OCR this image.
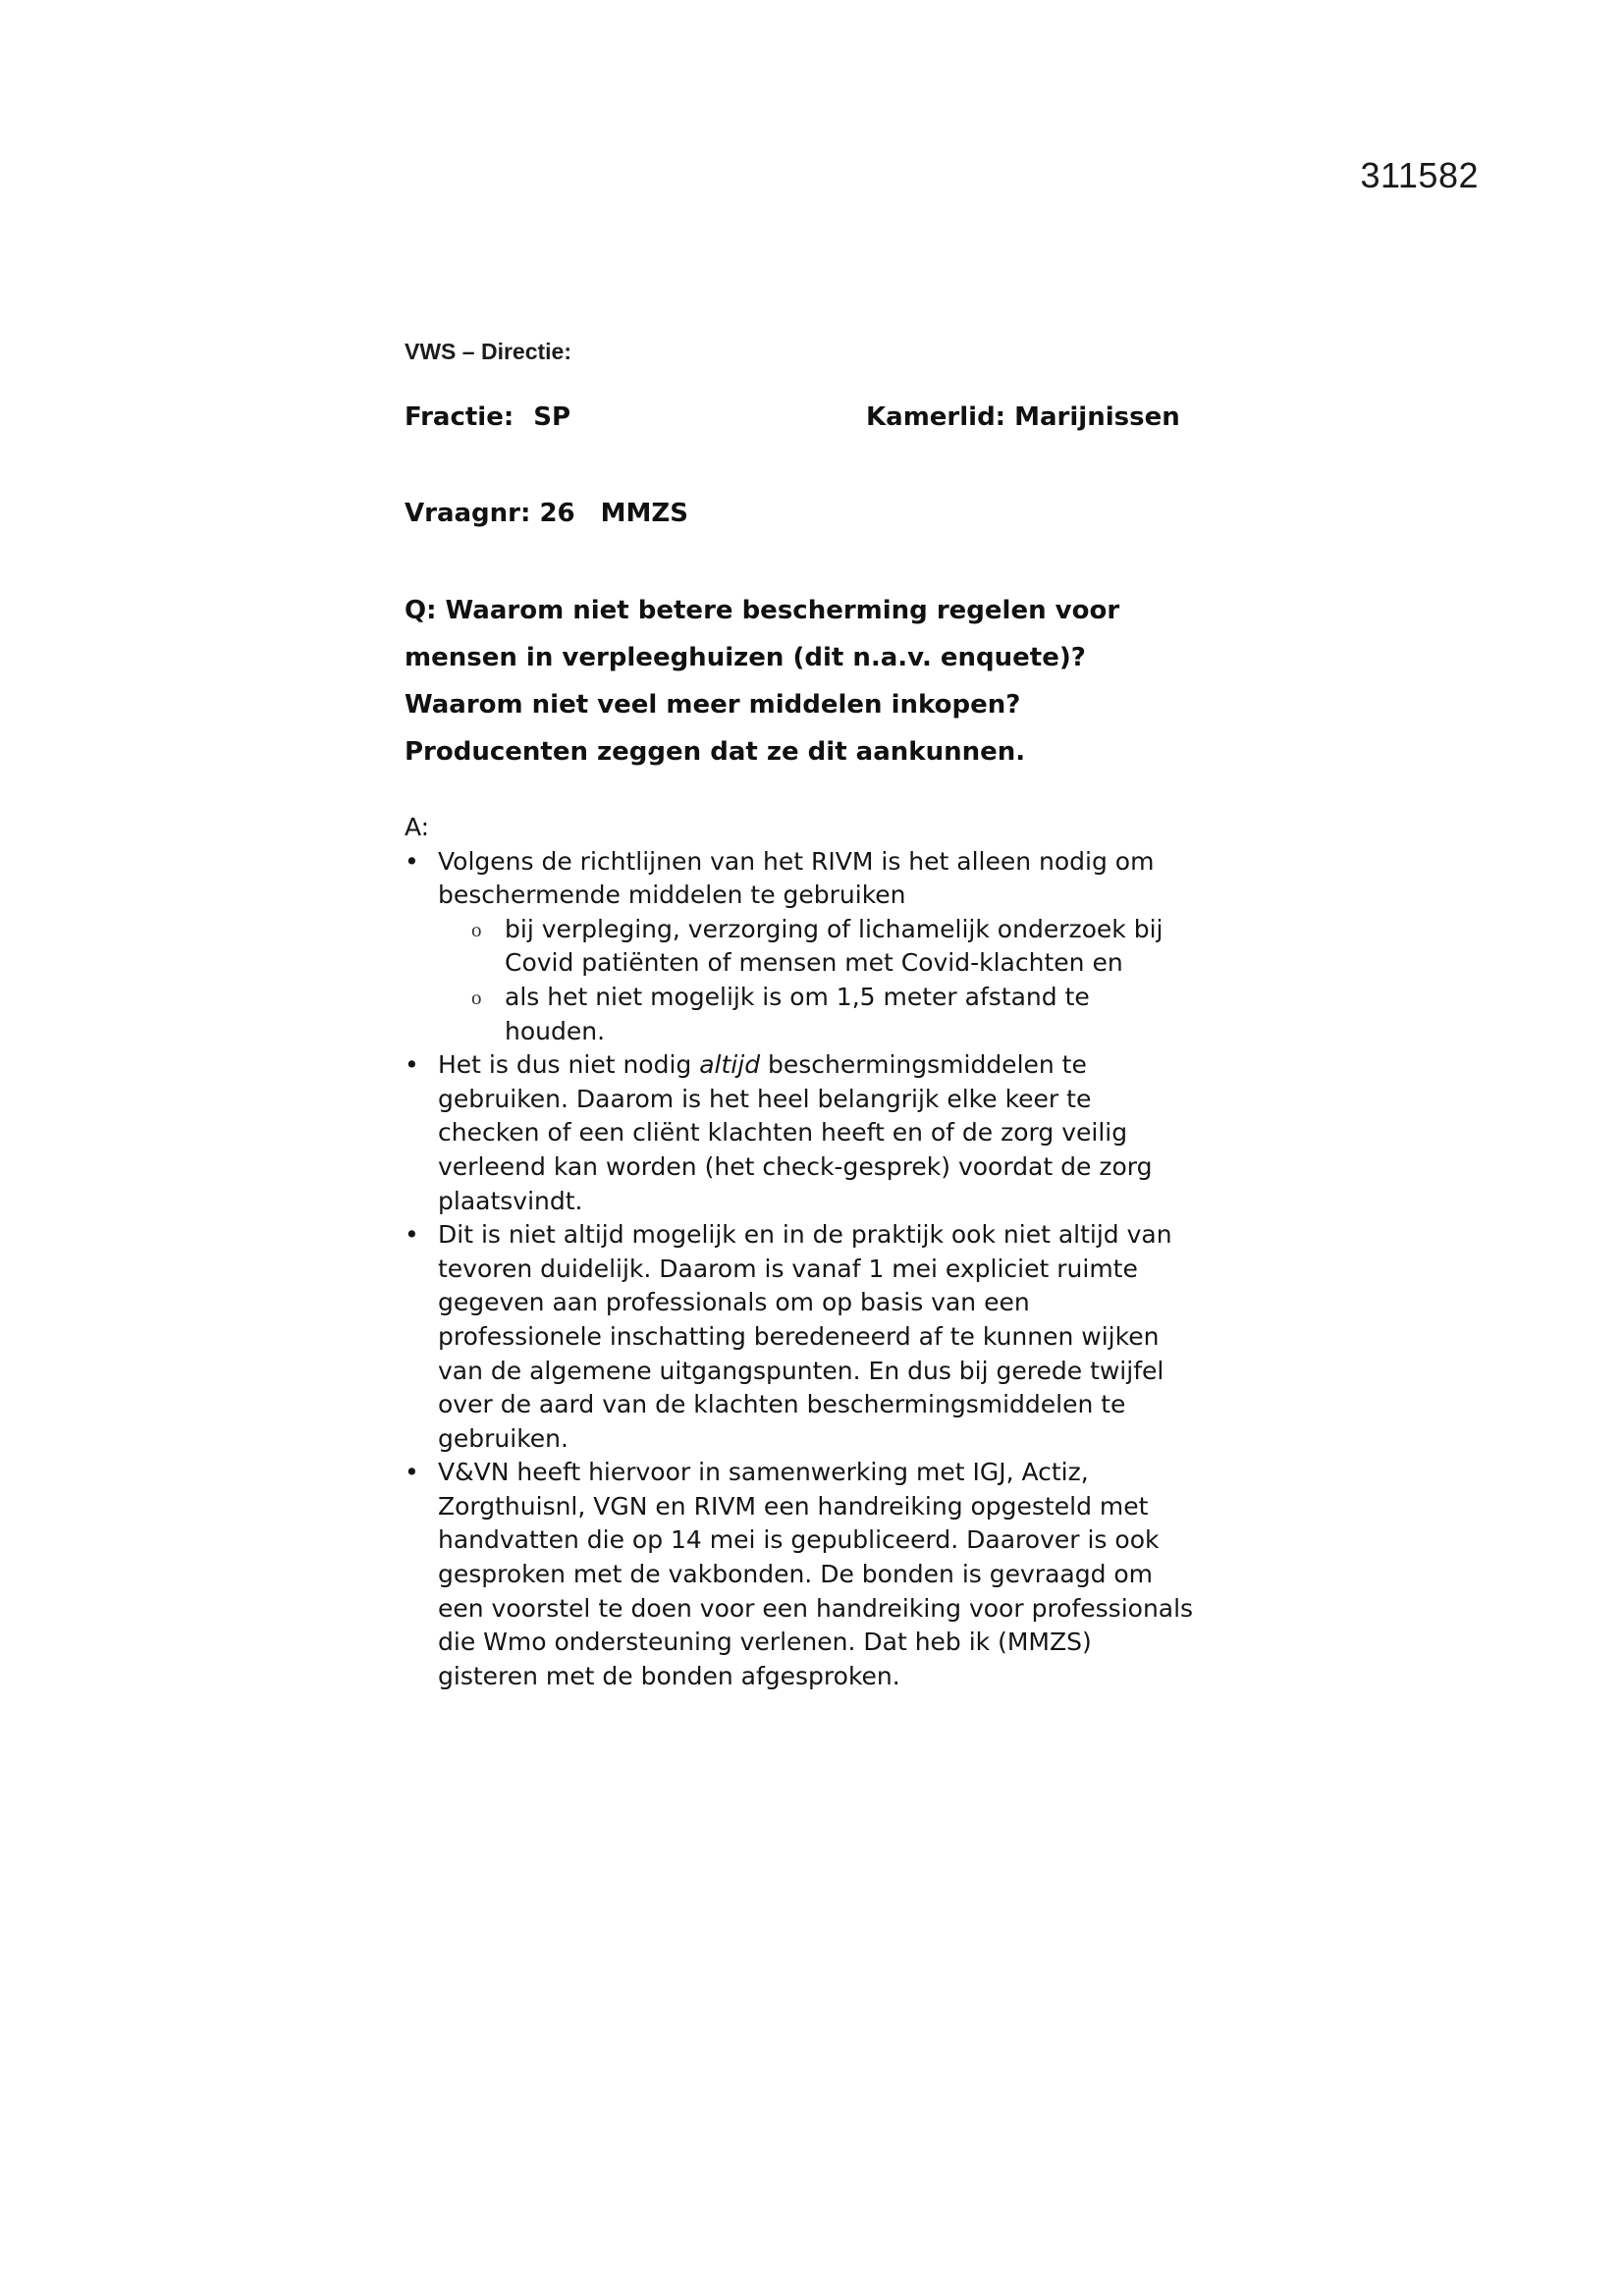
311582
VWS – Directie:
Fractie: SP	Kamerlid: Marijnissen
Vraagnr: 26 MMZS
Q: Waarom niet betere bescherming regelen voor
mensen in verpleeghuizen (dit n.a.v. enquete)?
Waarom niet veel meer middelen inkopen?
Producenten zeggen dat ze dit aankunnen.
A:
• Volgens de richtlijnen van het RIVM is het alleen nodig om
beschermende middelen te gebruiken
o bij verpleging, verzorging of lichamelijk onderzoek bij
Covid patiënten of mensen met Covid-klachten en
o als het niet mogelijk is om 1,5 meter afstand te
houden.
• Het is dus niet nodig altijd beschermingsmiddelen te
gebruiken. Daarom is het heel belangrijk elke keer te
checken of een cliënt klachten heeft en of de zorg veilig
verleend kan worden (het check-gesprek) voordat de zorg
plaatsvindt.
• Dit is niet altijd mogelijk en in de praktijk ook niet altijd van
tevoren duidelijk. Daarom is vanaf 1 mei expliciet ruimte
gegeven aan professionals om op basis van een
professionele inschatting beredeneerd af te kunnen wijken
van de algemene uitgangspunten. En dus bij gerede twijfel
over de aard van de klachten beschermingsmiddelen te
gebruiken.
• V&VN heeft hiervoor in samenwerking met IGJ, Actiz,
Zorgthuisnl, VGN en RIVM een handreiking opgesteld met
handvatten die op 14 mei is gepubliceerd. Daarover is ook
gesproken met de vakbonden. De bonden is gevraagd om
een voorstel te doen voor een handreiking voor professionals
die Wmo ondersteuning verlenen. Dat heb ik (MMZS)
gisteren met de bonden afgesproken.
